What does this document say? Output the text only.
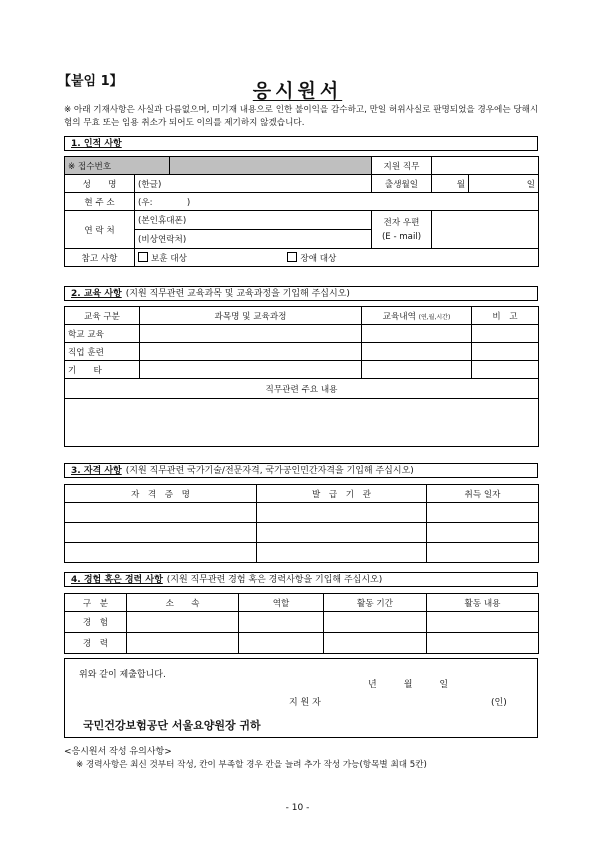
【붙임 1】	응시원서
※ 아래 기재사항은 사실과 다름없으며, 미기재 내용으로 인한 불이익을 감수하고, 만일 허위사실로 판명되었을 경우에는 당해시험의 무효 또는 임용 취소가 되어도 이의를 제기하지 않겠습니다.
1. 인적 사항
※ 접수번호			지원 직무		
성　　명	(한글)		출생월일	월	일
현 주 소	(우:　　　　)				
연 락 처	(본인휴대폰)		전자 우편
(E - mail)		
	(비상연락처)				
참고 사항	보훈 대상 장애 대상				
2. 교육 사항 (지원 직무관련 교육과목 및 교육과정을 기입해 주십시오)
교육 구분	과목명 및 교육과정	교육내역 (연,월,시간)	비　고
학교 교육			
직업 훈련			
기　　타			
직무관련 주요 내용			

3. 자격 사항 (지원 직무관련 국가기술/전문자격, 국가공인민간자격을 기입해 주십시오)
자　격　증　명	발　급　기　관	취득 일자

4. 경험 혹은 경력 사항 (지원 직무관련 경험 혹은 경력사항을 기입해 주십시오)
구　분	소　　속	역할	활동 기간	활동 내용
경　험				
경　력				
위와 같이 제출합니다.
년　　　월　　　일
지 원 자	(인)
국민건강보험공단 서울요양원장 귀하
<응시원서 작성 유의사항>
※ 경력사항은 최신 것부터 작성, 칸이 부족할 경우 칸을 늘려 추가 작성 가능(항목별 최대 5칸)
- 10 -
